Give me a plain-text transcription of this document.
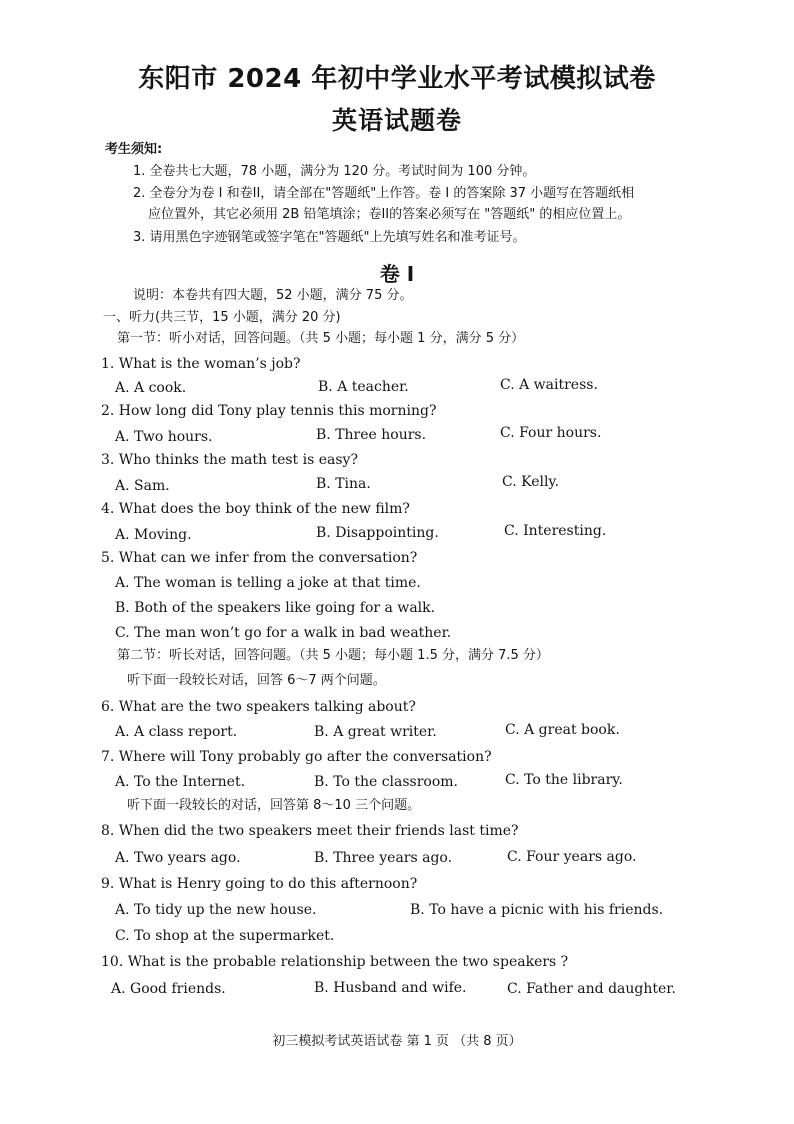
东阳市 2024 年初中学业水平考试模拟试卷
英语试题卷
考生须知:
1. 全卷共七大题，78 小题，满分为 120 分。考试时间为 100 分钟。
2. 全卷分为卷 I 和卷II，请全部在"答题纸"上作答。卷 I 的答案除 37 小题写在答题纸相
应位置外，其它必须用 2B 铅笔填涂；卷II的答案必须写在 "答题纸" 的相应位置上。
3. 请用黑色字迹钢笔或签字笔在"答题纸"上先填写姓名和准考证号。
卷 I
说明：本卷共有四大题，52 小题，满分 75 分。
一、听力(共三节，15 小题，满分 20 分)
第一节：听小对话，回答问题。（共 5 小题；每小题 1 分，满分 5 分）
1. What is the woman’s job?
A. A cook.	B. A teacher.	C. A waitress.
2. How long did Tony play tennis this morning?
A. Two hours.	B. Three hours.	C. Four hours.
3. Who thinks the math test is easy?
A. Sam.	B. Tina.	C. Kelly.
4. What does the boy think of the new film?
A. Moving.	B. Disappointing.	C. Interesting.
5. What can we infer from the conversation?
A. The woman is telling a joke at that time.
B. Both of the speakers like going for a walk.
C. The man won’t go for a walk in bad weather.
第二节：听长对话，回答问题。（共 5 小题；每小题 1.5 分，满分 7.5 分）
听下面一段较长对话，回答 6～7 两个问题。
6. What are the two speakers talking about?
A. A class report.	B. A great writer.	C. A great book.
7. Where will Tony probably go after the conversation?
A. To the Internet.	B. To the classroom.	C. To the library.
听下面一段较长的对话，回答第 8～10 三个问题。
8. When did the two speakers meet their friends last time?
A. Two years ago.	B. Three years ago.	C. Four years ago.
9. What is Henry going to do this afternoon?
A. To tidy up the new house.	B. To have a picnic with his friends.
C. To shop at the supermarket.
10. What is the probable relationship between the two speakers ?
A. Good friends.	B. Husband and wife.	C. Father and daughter.
初三模拟考试英语试卷 第 1 页 （共 8 页）
